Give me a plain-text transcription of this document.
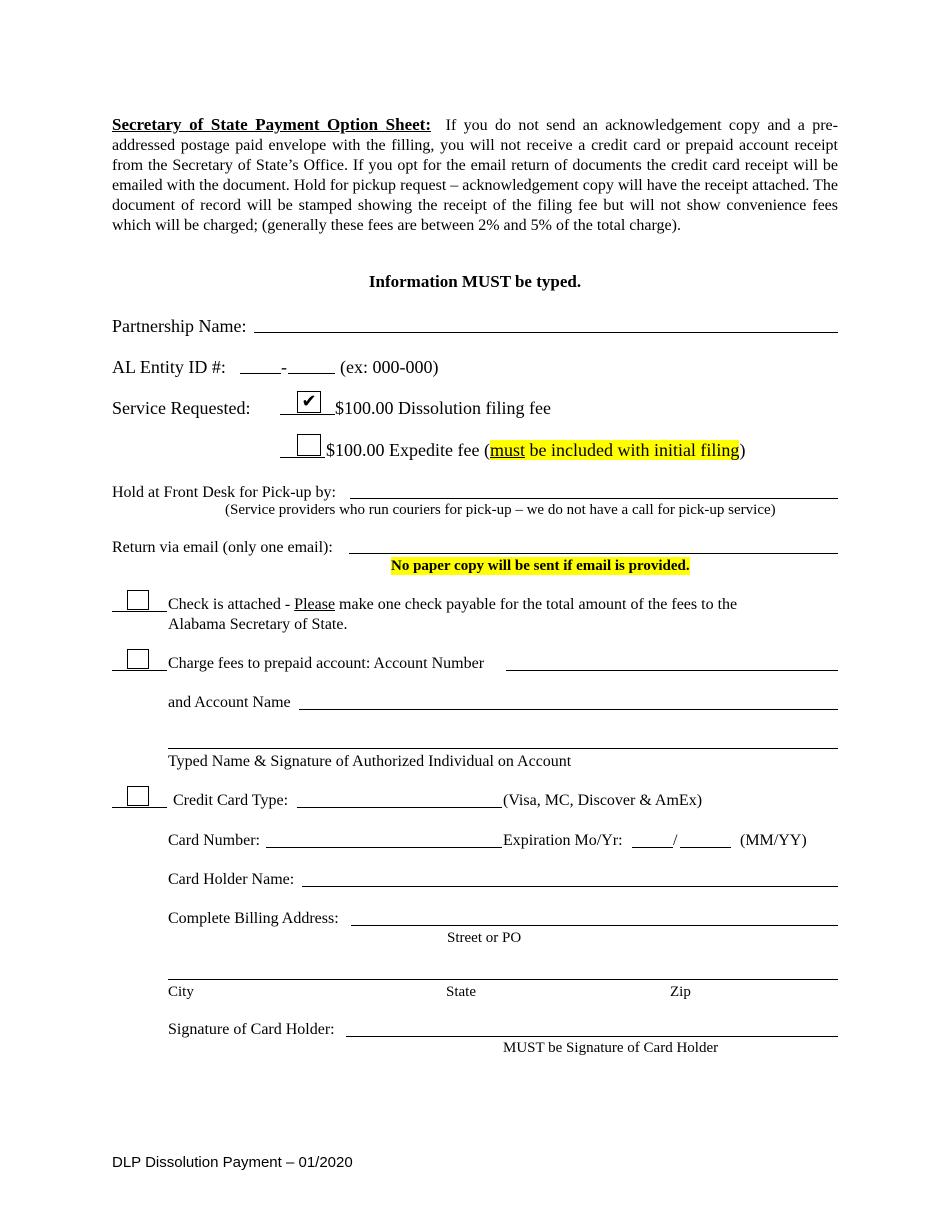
Secretary of State Payment Option Sheet: If you do not send an acknowledgement copy and a pre-addressed postage paid envelope with the filling, you will not receive a credit card or prepaid account receipt from the Secretary of State’s Office. If you opt for the email return of documents the credit card receipt will be emailed with the document. Hold for pickup request – acknowledgement copy will have the receipt attached. The document of record will be stamped showing the receipt of the filing fee but will not show convenience fees which will be charged; (generally these fees are between 2% and 5% of the total charge).
Information MUST be typed.
Partnership Name:
AL Entity ID #:	-	(ex: 000-000)
Service Requested:	✔ $100.00 Dissolution filing fee
$100.00 Expedite fee (must be included with initial filing)
Hold at Front Desk for Pick-up by:
(Service providers who run couriers for pick-up – we do not have a call for pick-up service)
Return via email (only one email):
No paper copy will be sent if email is provided.
Check is attached - Please make one check payable for the total amount of the fees to the
Alabama Secretary of State.
Charge fees to prepaid account: Account Number
and Account Name
Typed Name & Signature of Authorized Individual on Account
Credit Card Type:	(Visa, MC, Discover & AmEx)
Card Number:	Expiration Mo/Yr:	/	(MM/YY)
Card Holder Name:
Complete Billing Address:
Street or PO
City	State	Zip
Signature of Card Holder:
MUST be Signature of Card Holder
DLP Dissolution Payment – 01/2020
